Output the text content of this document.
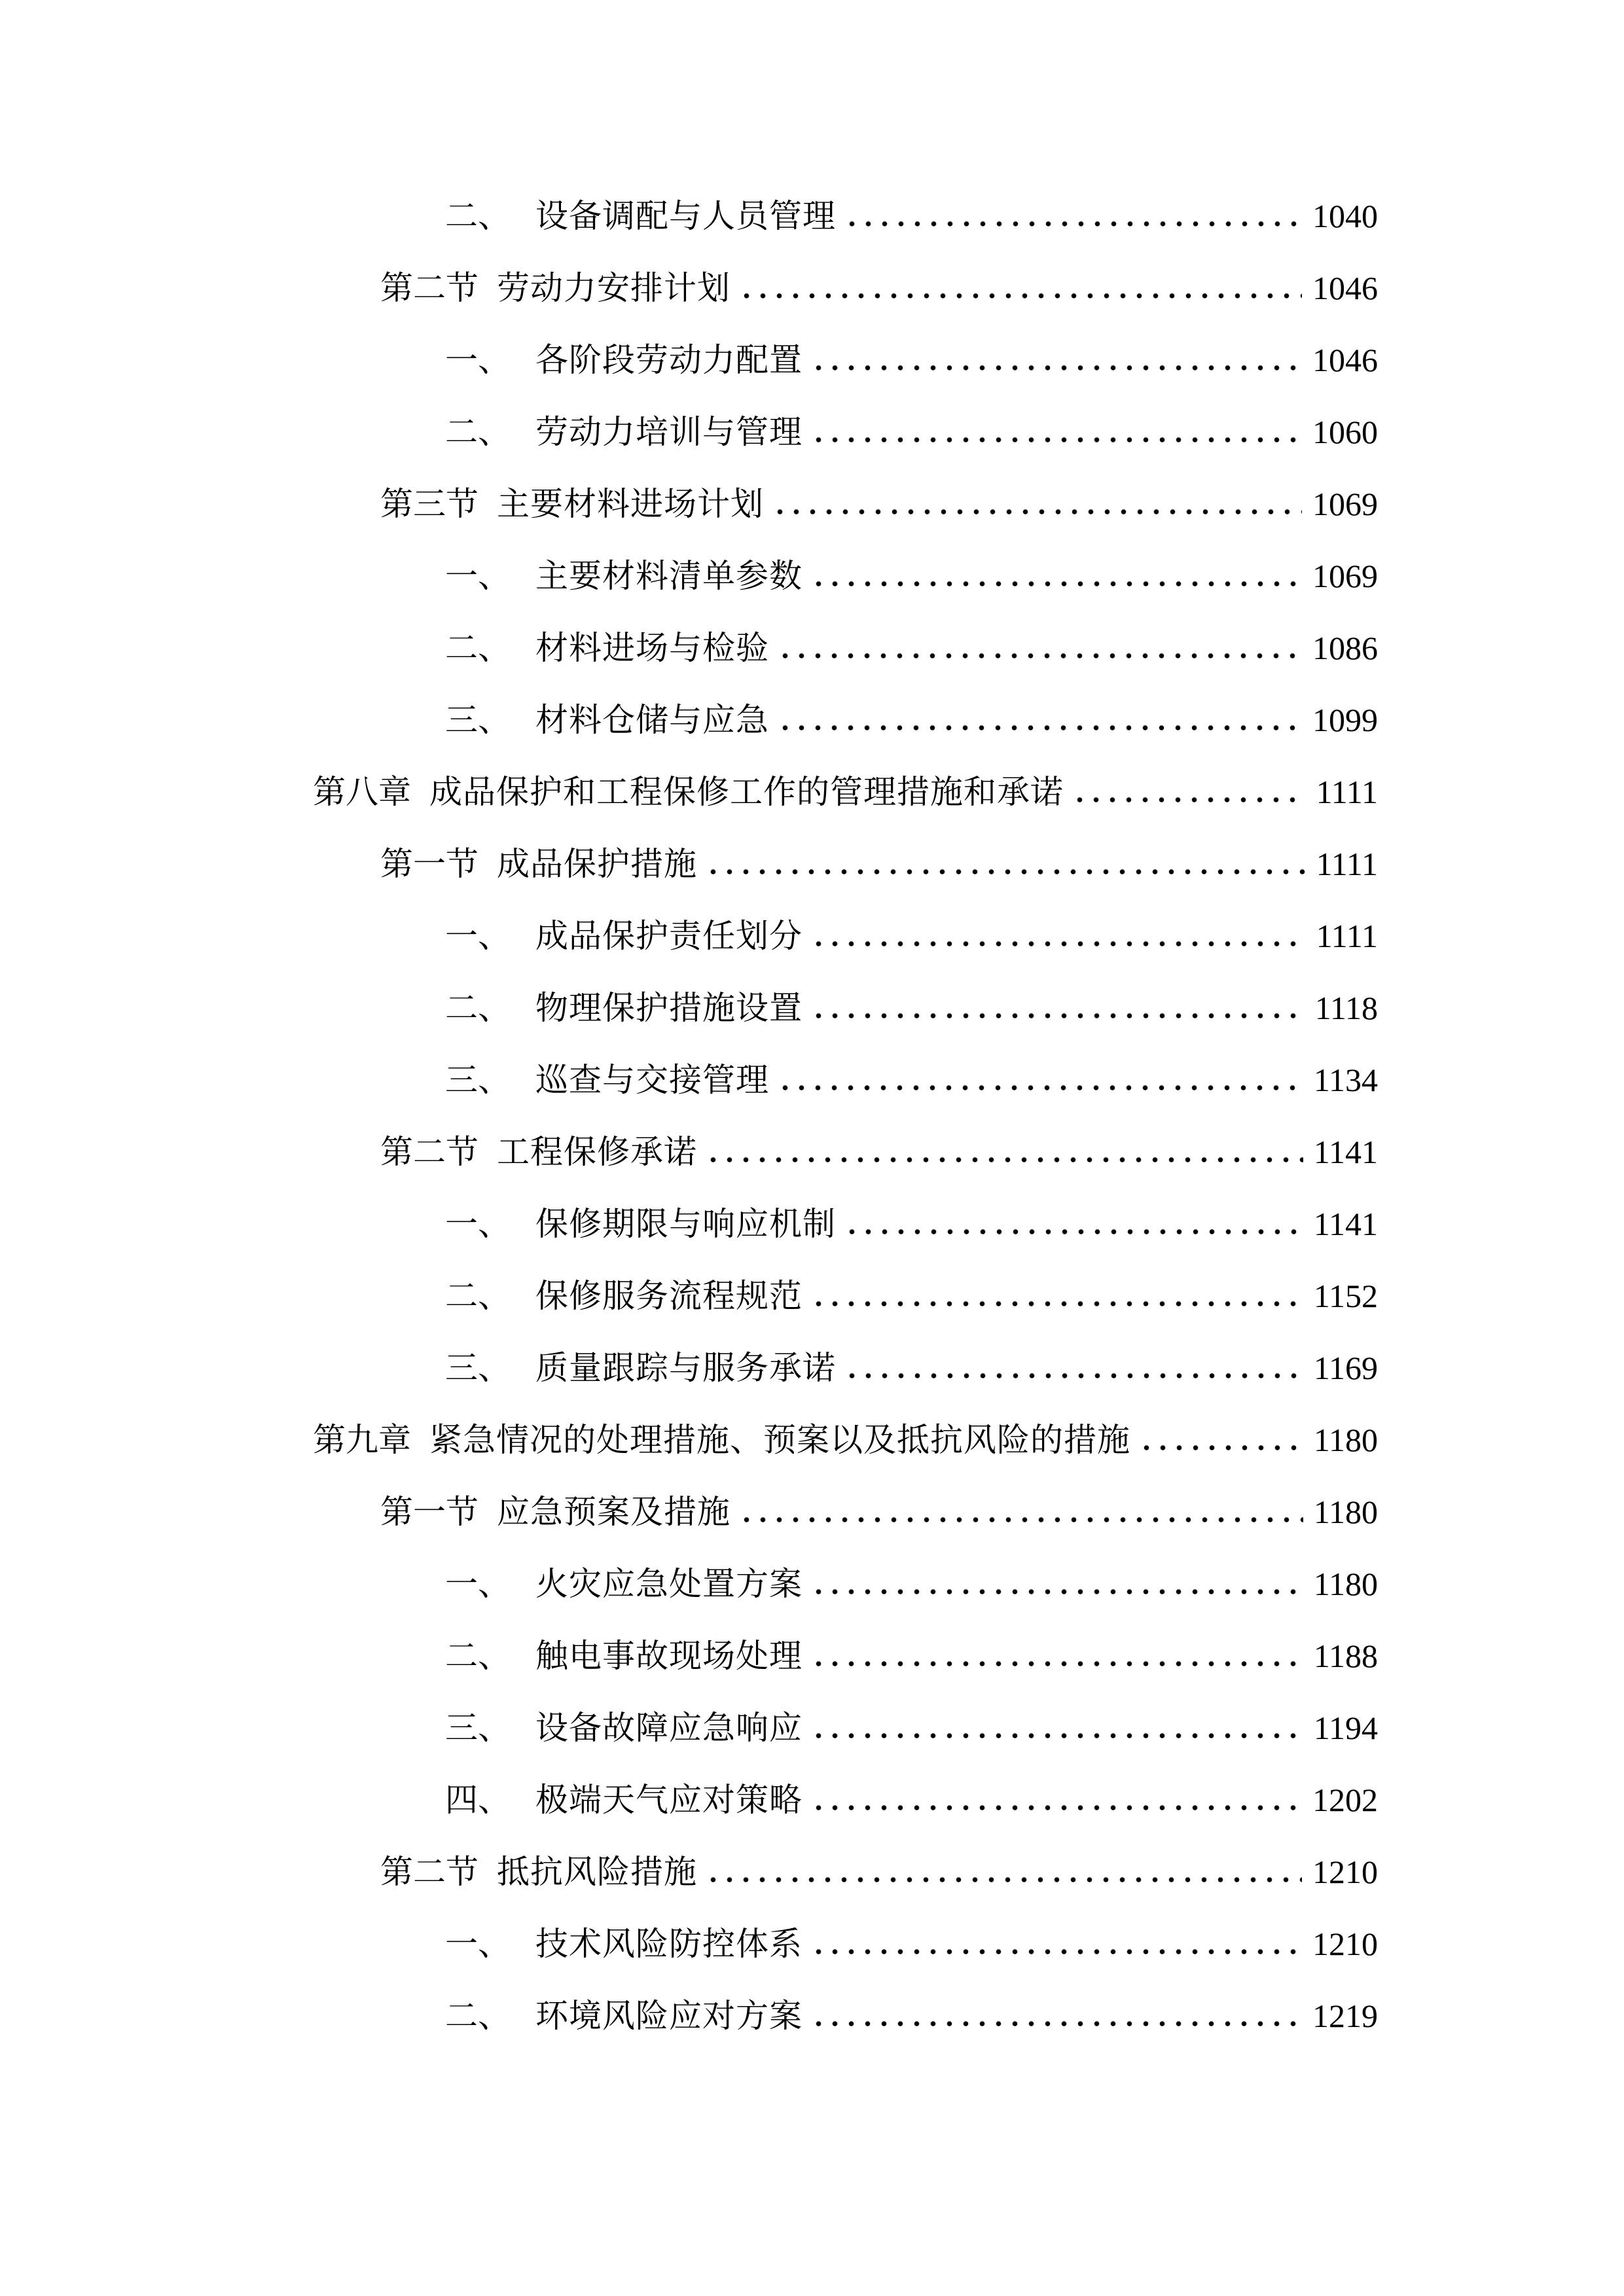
二、 设备调配与人员管理	1040
第二节 劳动力安排计划	1046
一、 各阶段劳动力配置	1046
二、 劳动力培训与管理	1060
第三节 主要材料进场计划	1069
一、 主要材料清单参数	1069
二、 材料进场与检验	1086
三、 材料仓储与应急	1099
第八章 成品保护和工程保修工作的管理措施和承诺	1111
第一节 成品保护措施	1111
一、 成品保护责任划分	1111
二、 物理保护措施设置	1118
三、 巡查与交接管理	1134
第二节 工程保修承诺	1141
一、 保修期限与响应机制	1141
二、 保修服务流程规范	1152
三、 质量跟踪与服务承诺	1169
第九章 紧急情况的处理措施、预案以及抵抗风险的措施	1180
第一节 应急预案及措施	1180
一、 火灾应急处置方案	1180
二、 触电事故现场处理	1188
三、 设备故障应急响应	1194
四、 极端天气应对策略	1202
第二节 抵抗风险措施	1210
一、 技术风险防控体系	1210
二、 环境风险应对方案	1219
